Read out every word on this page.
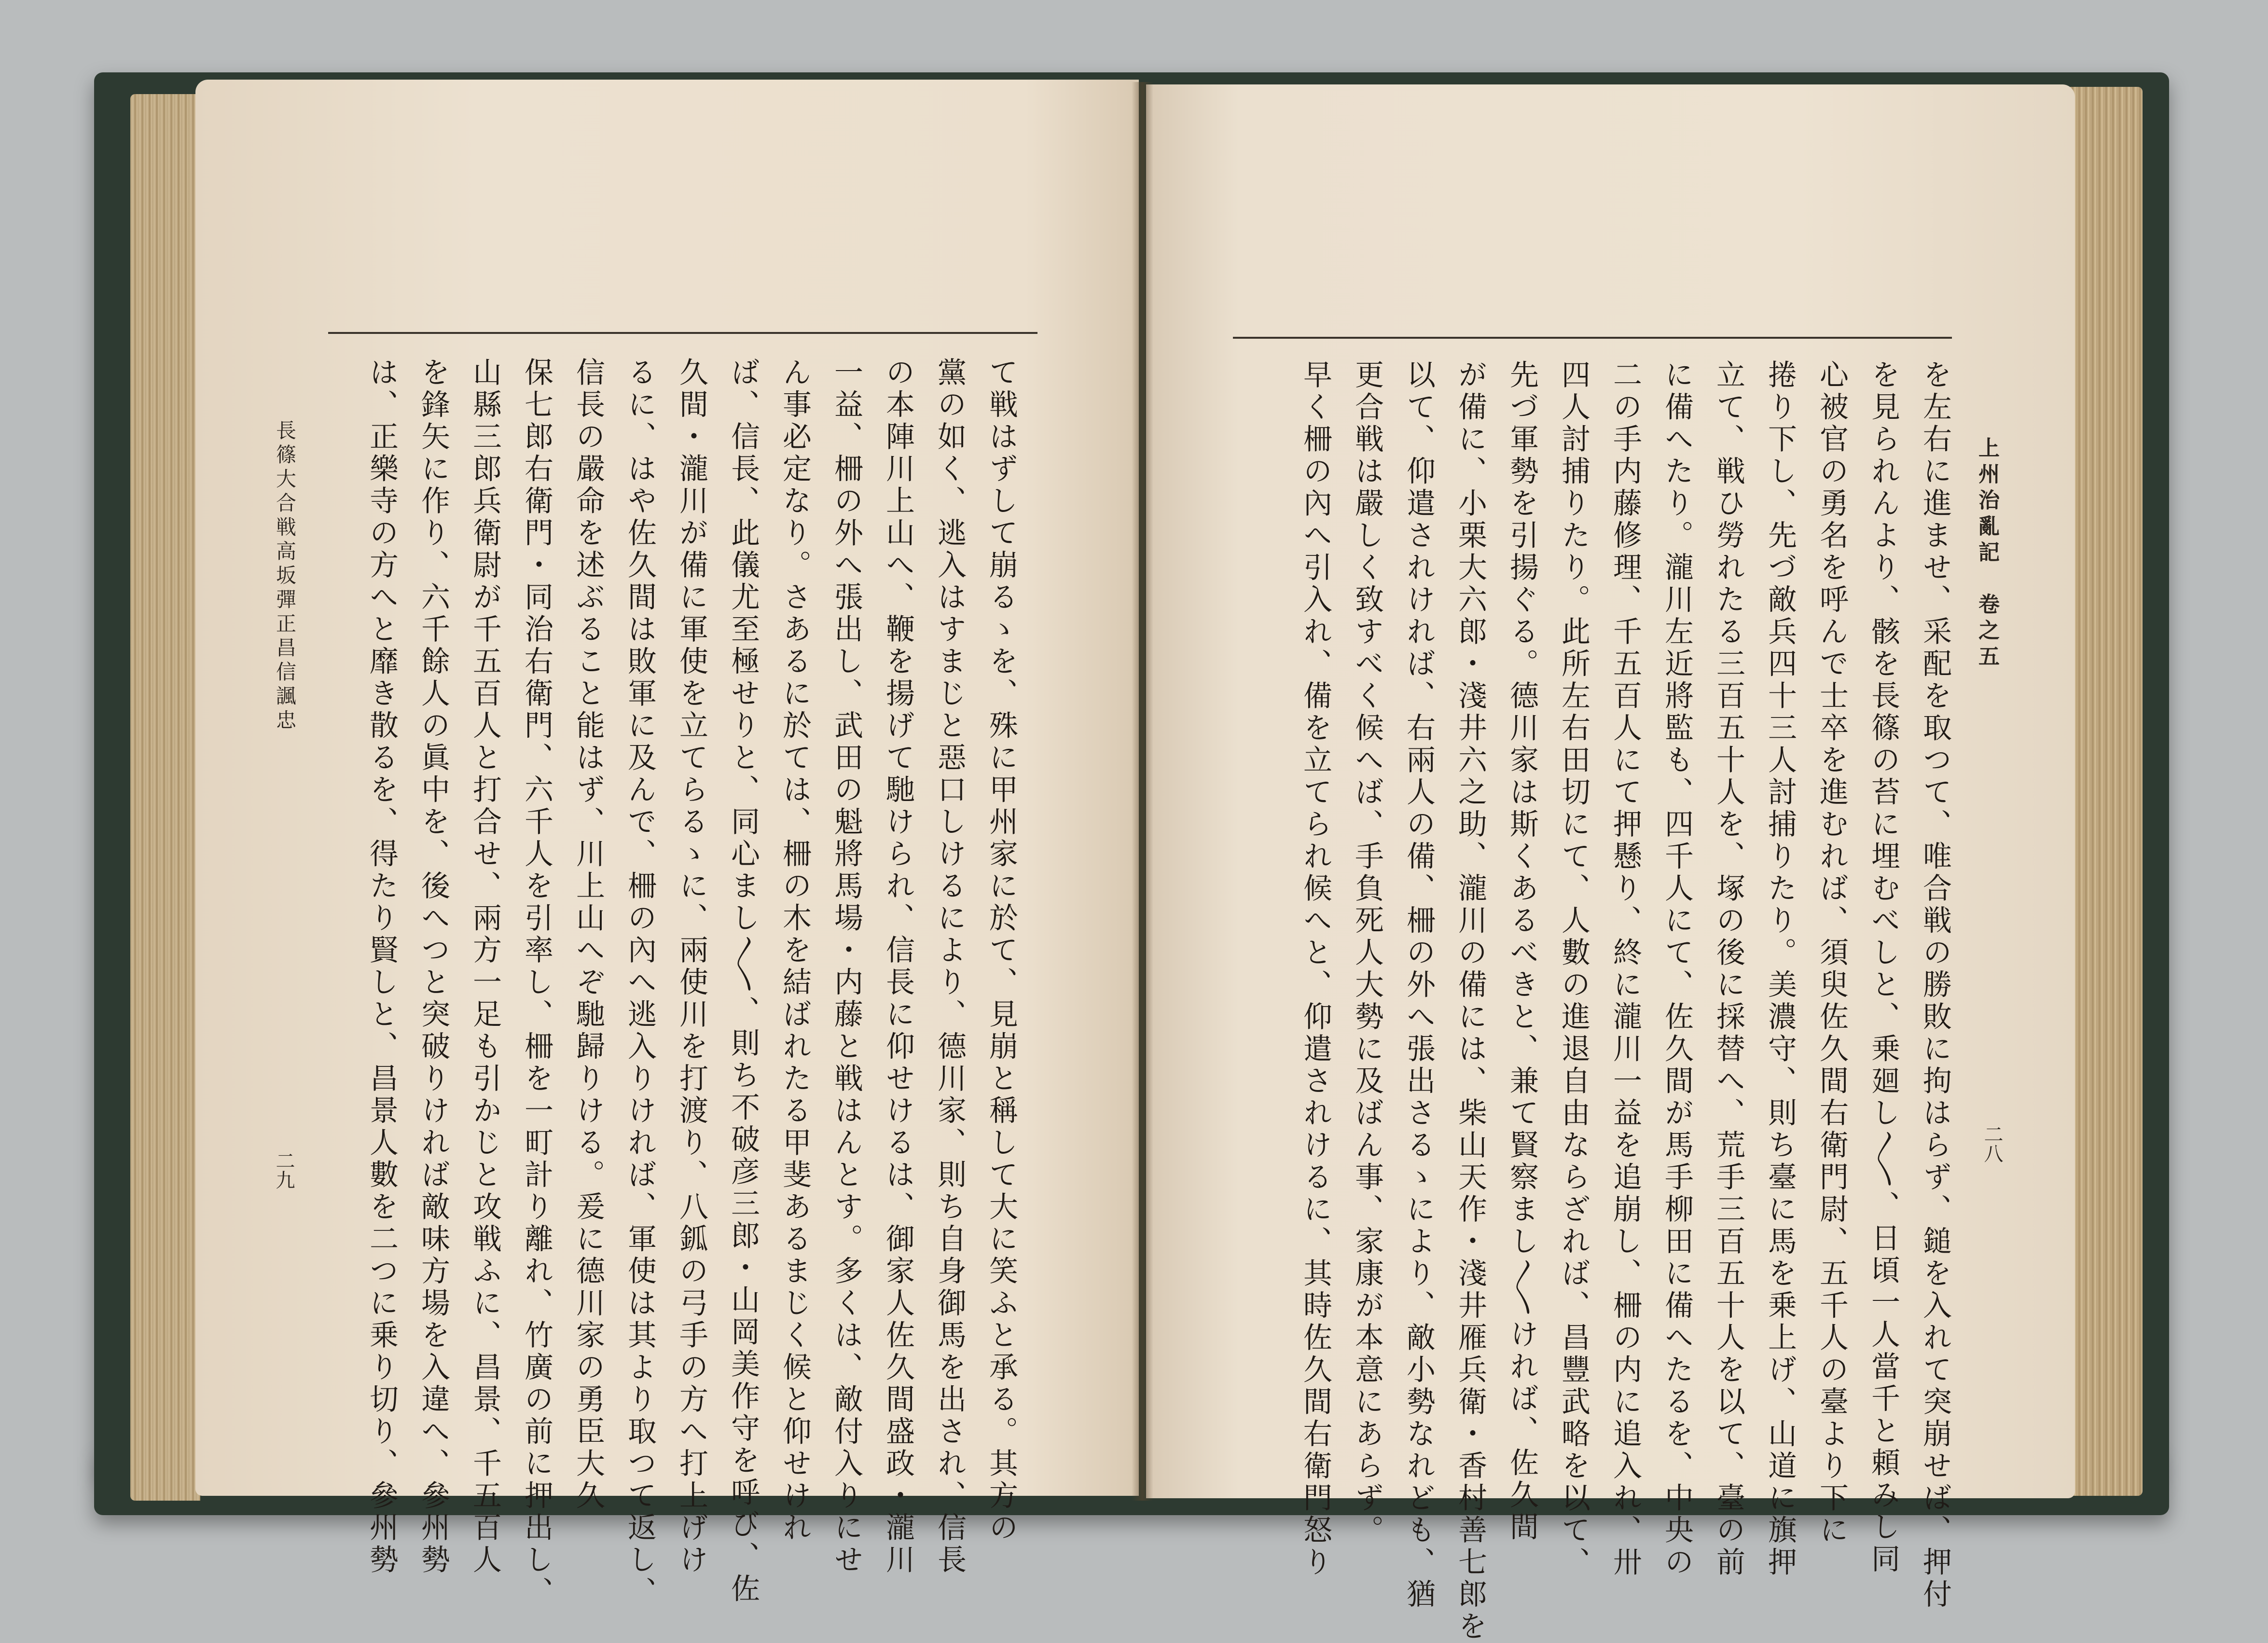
上州治亂記　卷之五
二八
長篠大合戦高坂彈正昌信諷忠
二九	を左右に進ませ、采配を取つて、唯合戦の勝敗に拘はらず、鎚を入れて突崩せば、押付
を見られんより、骸を長篠の苔に埋むべしと、乗廻し〳〵、日頃一人當千と頼みし同
心被官の勇名を呼んで士卒を進むれば、須臾佐久間右衛門尉、五千人の臺より下に
捲り下し、先づ敵兵四十三人討捕りたり。美濃守、則ち臺に馬を乗上げ、山道に旗押
立て、戦ひ勞れたる三百五十人を、塚の後に採替へ、荒手三百五十人を以て、臺の前
に備へたり。瀧川左近將監も、四千人にて、佐久間が馬手柳田に備へたるを、中央の
二の手内藤修理、千五百人にて押懸り、終に瀧川一益を追崩し、柵の内に追入れ、卅
四人討捕りたり。此所左右田切にて、人數の進退自由ならざれば、昌豐武略を以て、
先づ軍勢を引揚ぐる。德川家は斯くあるべきと、兼て賢察まし〳〵ければ、佐久間
が備に、小栗大六郎・淺井六之助、瀧川の備には、柴山天作・淺井雁兵衛・香村善七郎を
以て、仰遣されければ、右兩人の備、柵の外へ張出さるゝにより、敵小勢なれども、猶
更合戦は嚴しく致すべく候へば、手負死人大勢に及ばん事、家康が本意にあらず。
早く柵の內へ引入れ、備を立てられ候へと、仰遣されけるに、其時佐久間右衛門怒り
て戦はずして崩るゝを、殊に甲州家に於て、見崩と稱して大に笑ふと承る。其方の
黨の如く、逃入はすまじと惡口しけるにより、德川家、則ち自身御馬を出され、信長
の本陣川上山へ、鞭を揚げて馳けられ、信長に仰せけるは、御家人佐久間盛政・瀧川
一益、柵の外へ張出し、武田の魁將馬場・内藤と戦はんとす。多くは、敵付入りにせ
ん事必定なり。さあるに於ては、柵の木を結ばれたる甲斐あるまじく候と仰せけれ
ば、信長、此儀尤至極せりと、同心まし〳〵、則ち不破彦三郎・山岡美作守を呼び、佐
久間・瀧川が備に軍使を立てらるゝに、兩使川を打渡り、八鈲の弓手の方へ打上げけ
るに、はや佐久間は敗軍に及んで、柵の內へ逃入りければ、軍使は其より取つて返し、
信長の嚴命を述ぶること能はず、川上山へぞ馳歸りける。爰に德川家の勇臣大久
保七郎右衛門・同治右衛門、六千人を引率し、柵を一町計り離れ、竹廣の前に押出し、
山縣三郎兵衛尉が千五百人と打合せ、兩方一足も引かじと攻戦ふに、昌景、千五百人
を鋒矢に作り、六千餘人の眞中を、後へつと突破りければ敵味方場を入違へ、參州勢
は、正樂寺の方へと靡き散るを、得たり賢しと、昌景人數を二つに乗り切り、參州勢
